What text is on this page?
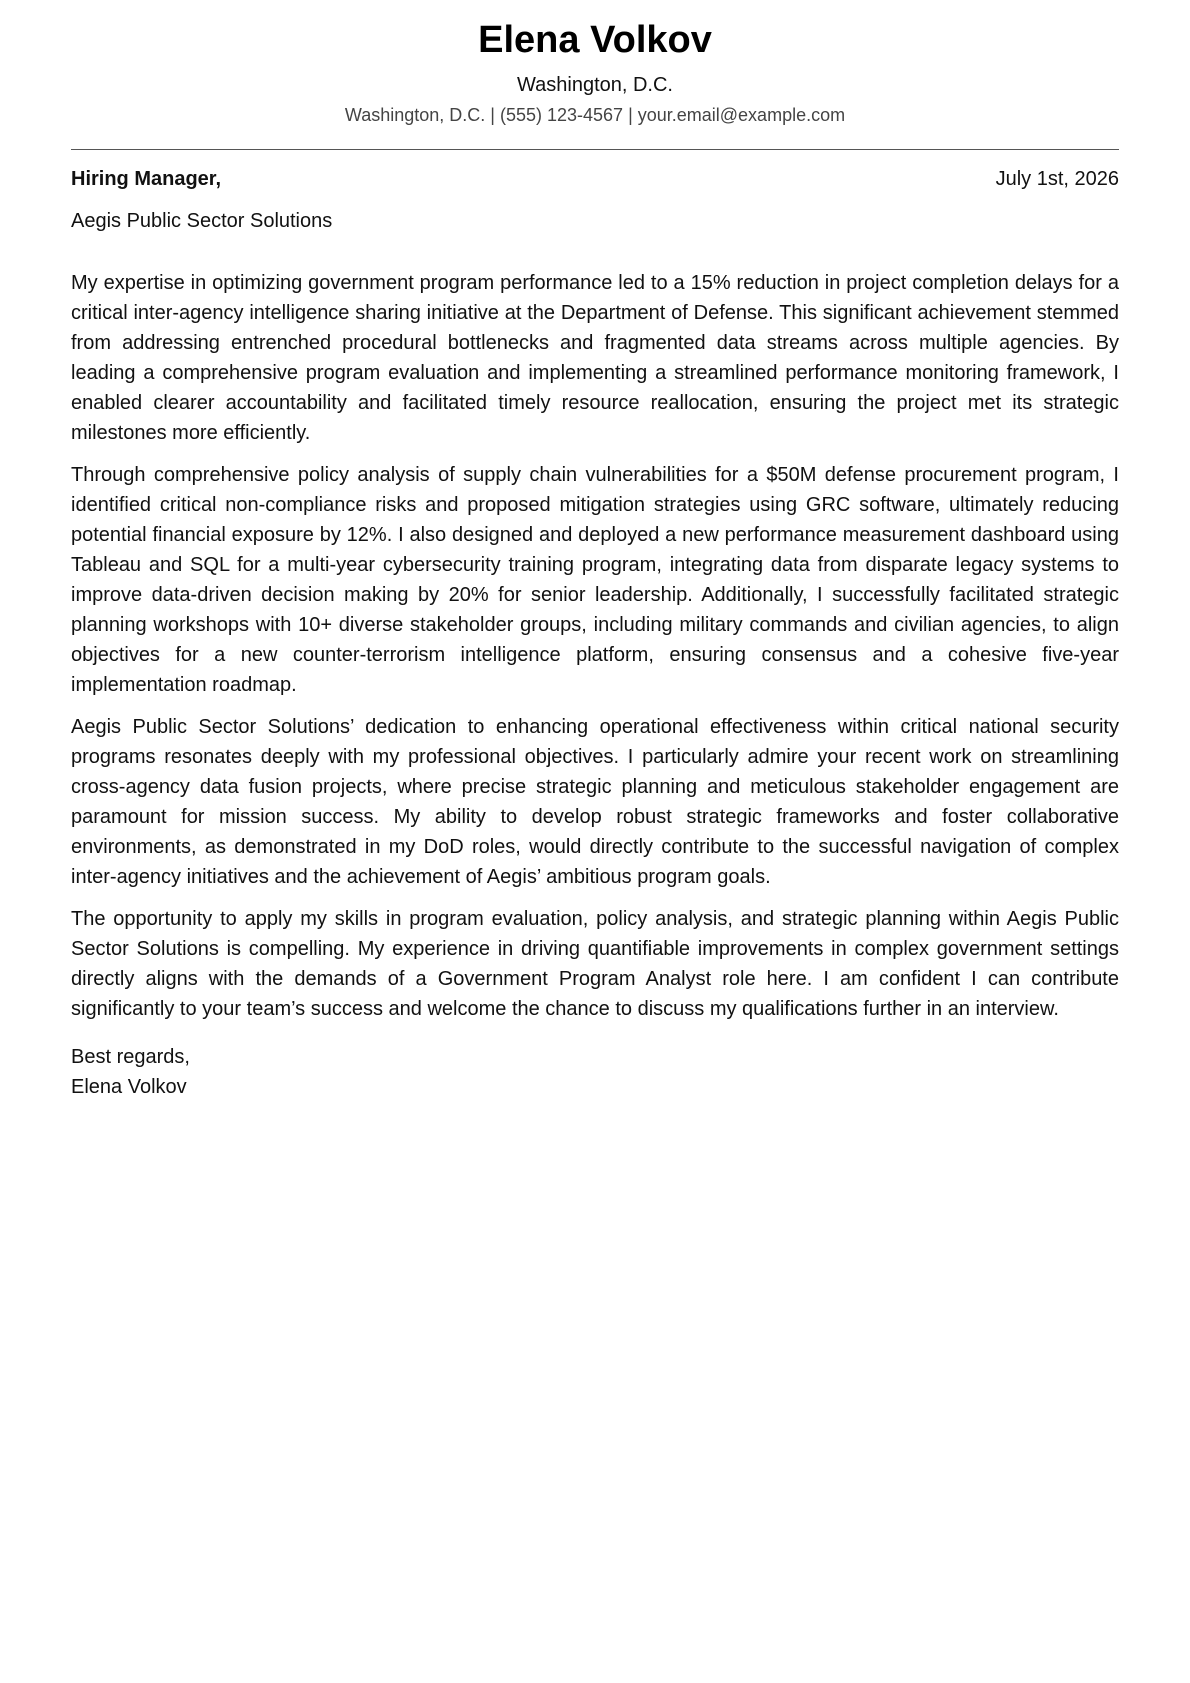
Elena Volkov
Washington, D.C.
Washington, D.C. | (555) 123-4567 | your.email@example.com
Hiring Manager,	July 1st, 2026
Aegis Public Sector Solutions

My expertise in optimizing government program performance led to a 15% reduction in project completion delays for a critical inter-agency intelligence sharing initiative at the Department of Defense. This significant achievement stemmed from addressing entrenched procedural bottlenecks and fragmented data streams across multiple agencies. By leading a comprehensive program evaluation and implementing a streamlined performance monitoring framework, I enabled clearer accountability and facilitated timely resource reallocation, ensuring the project met its strategic milestones more efficiently.

Through comprehensive policy analysis of supply chain vulnerabilities for a $50M defense procurement program, I identified critical non-compliance risks and proposed mitigation strategies using GRC software, ultimately reducing potential financial exposure by 12%. I also designed and deployed a new performance measurement dashboard using Tableau and SQL for a multi-year cybersecurity training program, integrating data from disparate legacy systems to improve data-driven decision making by 20% for senior leadership. Additionally, I successfully facilitated strategic planning workshops with 10+ diverse stakeholder groups, including military commands and civilian agencies, to align objectives for a new counter-terrorism intelligence platform, ensuring consensus and a cohesive five-year implementation roadmap.

Aegis Public Sector Solutions’ dedication to enhancing operational effectiveness within critical national security programs resonates deeply with my professional objectives. I particularly admire your recent work on streamlining cross-agency data fusion projects, where precise strategic planning and meticulous stakeholder engagement are paramount for mission success. My ability to develop robust strategic frameworks and foster collaborative environments, as demonstrated in my DoD roles, would directly contribute to the successful navigation of complex inter-agency initiatives and the achievement of Aegis’ ambitious program goals.

The opportunity to apply my skills in program evaluation, policy analysis, and strategic planning within Aegis Public Sector Solutions is compelling. My experience in driving quantifiable improvements in complex government settings directly aligns with the demands of a Government Program Analyst role here. I am confident I can contribute significantly to your team’s success and welcome the chance to discuss my qualifications further in an interview.

Best regards,
Elena Volkov
